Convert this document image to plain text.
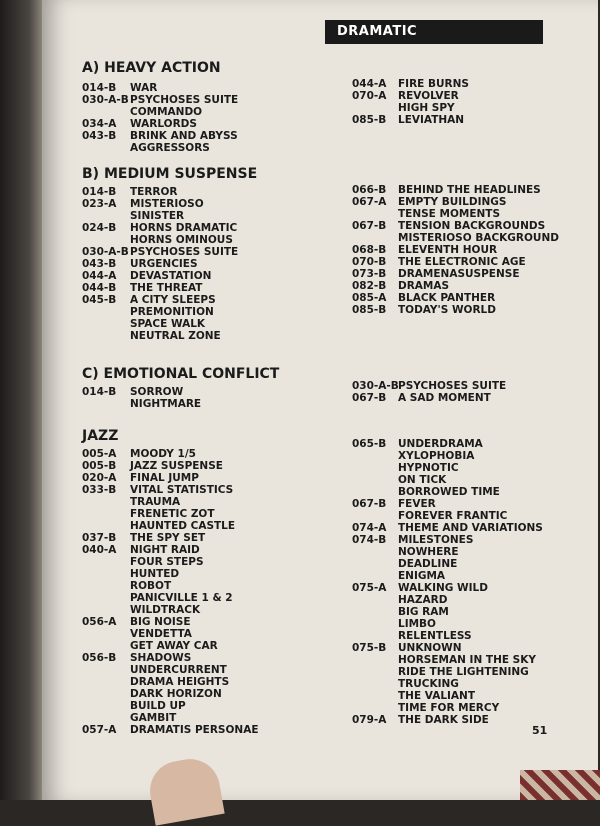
DRAMATIC
A) HEAVY ACTION
014-B WAR
030-A-BPSYCHOSES SUITE
COMMANDO
034-A WARLORDS
043-B BRINK AND ABYSS
AGGRESSORS
B) MEDIUM SUSPENSE
014-B TERROR
023-A MISTERIOSO
SINISTER
024-B HORNS DRAMATIC
HORNS OMINOUS
030-A-BPSYCHOSES SUITE
043-B URGENCIES
044-A DEVASTATION
044-B THE THREAT
045-B A CITY SLEEPS
PREMONITION
SPACE WALK
NEUTRAL ZONE
C) EMOTIONAL CONFLICT
014-B SORROW
NIGHTMARE
JAZZ
005-A MOODY 1/5
005-B JAZZ SUSPENSE
020-A FINAL JUMP
033-B VITAL STATISTICS
TRAUMA
FRENETIC ZOT
HAUNTED CASTLE
037-B THE SPY SET
040-A NIGHT RAID
FOUR STEPS
HUNTED
ROBOT
PANICVILLE 1 & 2
WILDTRACK
056-A BIG NOISE
VENDETTA
GET AWAY CAR
056-B SHADOWS
UNDERCURRENT
DRAMA HEIGHTS
DARK HORIZON
BUILD UP
GAMBIT
057-A DRAMATIS PERSONAE
044-A FIRE BURNS
070-A REVOLVER
HIGH SPY
085-B LEVIATHAN
066-B BEHIND THE HEADLINES
067-A EMPTY BUILDINGS
TENSE MOMENTS
067-B TENSION BACKGROUNDS
MISTERIOSO BACKGROUND
068-B ELEVENTH HOUR
070-B THE ELECTRONIC AGE
073-B DRAMENASUSPENSE
082-B DRAMAS
085-A BLACK PANTHER
085-B TODAY'S WORLD
030-A-BPSYCHOSES SUITE
067-B A SAD MOMENT
065-B UNDERDRAMA
XYLOPHOBIA
HYPNOTIC
ON TICK
BORROWED TIME
067-B FEVER
FOREVER FRANTIC
074-A THEME AND VARIATIONS
074-B MILESTONES
NOWHERE
DEADLINE
ENIGMA
075-A WALKING WILD
HAZARD
BIG RAM
LIMBO
RELENTLESS
075-B UNKNOWN
HORSEMAN IN THE SKY
RIDE THE LIGHTENING
TRUCKING
THE VALIANT
TIME FOR MERCY
079-A THE DARK SIDE
51
